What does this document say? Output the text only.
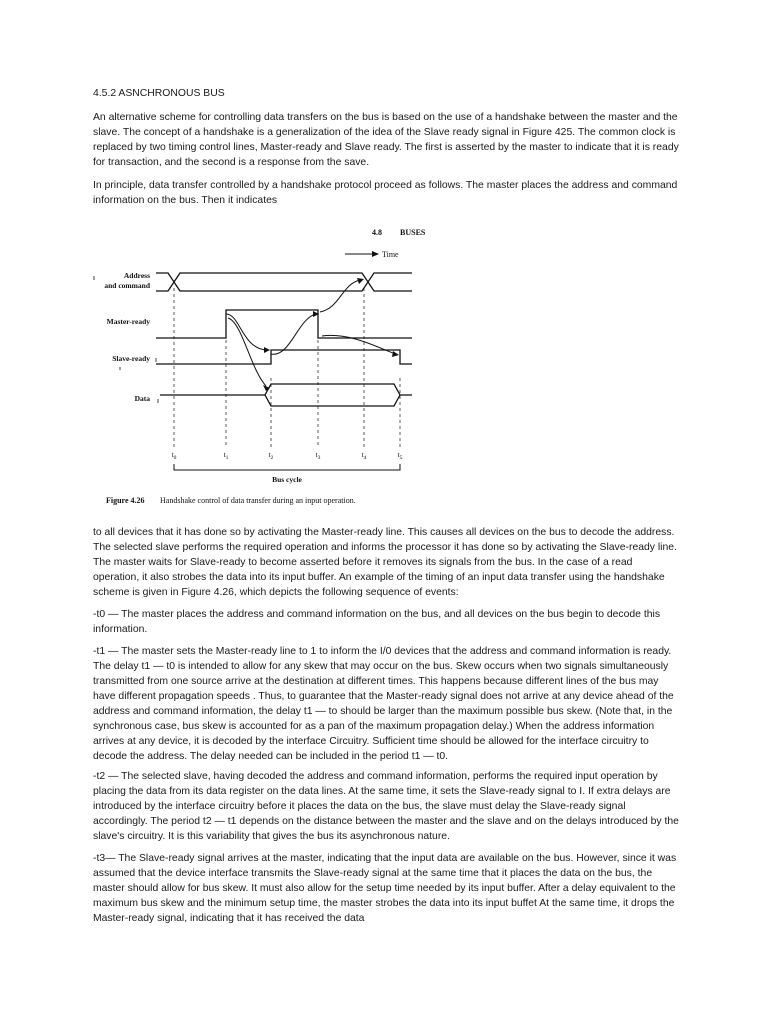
4.5.2 ASNCHRONOUS BUS

An alternative scheme for controlling data transfers on the bus is based on the use of a handshake between the master and the slave. The concept of a handshake is a generalization of the idea of the Slave ready signal in Figure 425. The common clock is replaced by two timing control lines, Master-ready and Slave ready. The first is asserted by the master to indicate that it is ready for transaction, and the second is a response from the save.

In principle, data transfer controlled by a handshake protocol proceed as follows. The master places the address and command information on the bus. Then it indicates

4.8 BUSES
Time
Address
and command
Master-ready
Slave-ready
Data
$t_0$	$t_1$	$t_2$	$t_3$	$t_4$	$t_5$
Bus cycle
Figure 4.26 Handshake control of data transfer during an input operation.

to all devices that it has done so by activating the Master-ready line. This causes all devices on the bus to decode the address. The selected slave performs the required operation and informs the processor it has done so by activating the Slave-ready line. The master waits for Slave-ready to become asserted before it removes its signals from the bus. In the case of a read operation, it also strobes the data into its input buffer. An example of the timing of an input data transfer using the handshake scheme is given in Figure 4.26, which depicts the following sequence of events:

-t0 — The master places the address and command information on the bus, and all devices on the bus begin to decode this information.

-t1 — The master sets the Master-ready line to 1 to inform the I/0 devices that the address and command information is ready. The delay t1 — t0 is intended to allow for any skew that may occur on the bus. Skew occurs when two signals simultaneously transmitted from one source arrive at the destination at different times. This happens because different lines of the bus may have different propagation speeds . Thus, to guarantee that the Master-ready signal does not arrive at any device ahead of the address and command information, the delay t1 — to should be larger than the maximum possible bus skew. (Note that, in the synchronous case, bus skew is accounted for as a pan of the maximum propagation delay.) When the address information arrives at any device, it is decoded by the interface Circuitry. Sufficient time should be allowed for the interface circuitry to decode the address. The delay needed can be included in the period t1 — t0.

-t2 — The selected slave, having decoded the address and command information, performs the required input operation by placing the data from its data register on the data lines. At the same time, it sets the Slave-ready signal to I. If extra delays are introduced by the interface circuitry before it places the data on the bus, the slave must delay the Slave-ready signal accordingly. The period t2 — t1 depends on the distance between the master and the slave and on the delays introduced by the slave's circuitry. It is this variability that gives the bus its asynchronous nature.

-t3— The Slave-ready signal arrives at the master, indicating that the input data are available on the bus. However, since it was assumed that the device interface transmits the Slave-ready signal at the same time that it places the data on the bus, the master should allow for bus skew. It must also allow for the setup time needed by its input buffer. After a delay equivalent to the maximum bus skew and the minimum setup time, the master strobes the data into its input buffet At the same time, it drops the Master-ready signal, indicating that it has received the data
